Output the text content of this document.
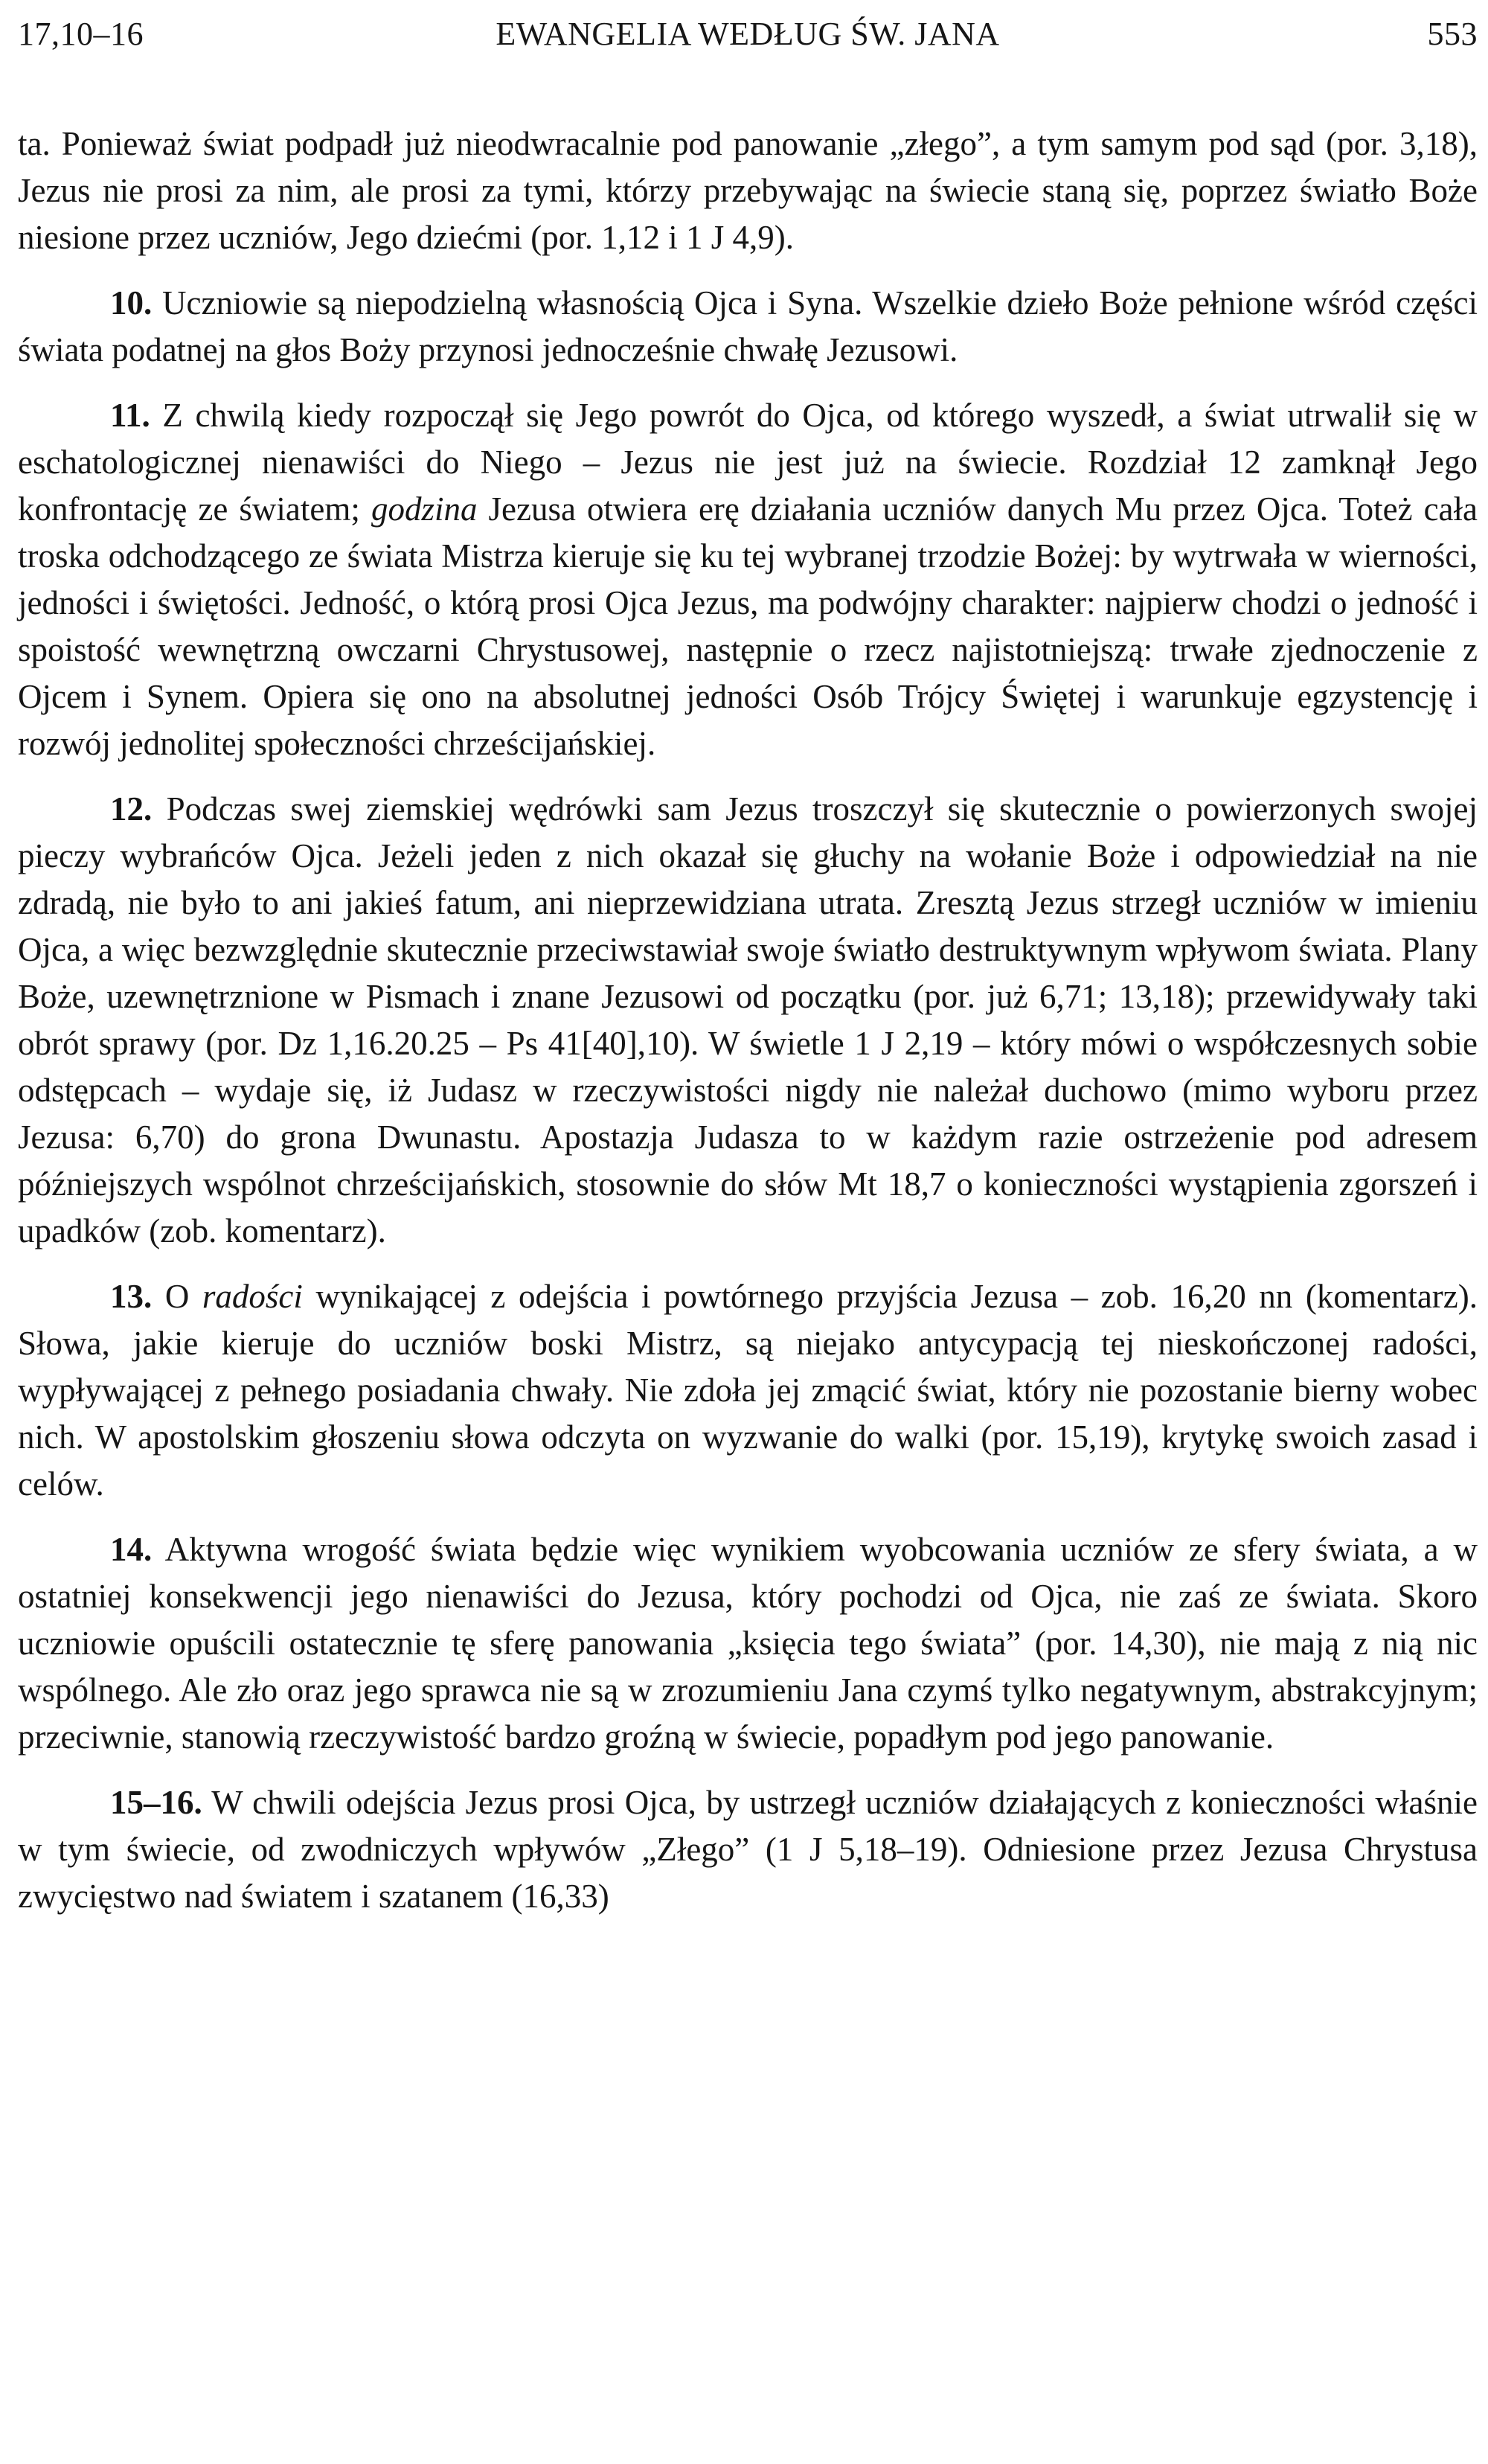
17,10–16	EWANGELIA WEDŁUG ŚW. JANA	553

ta. Ponieważ świat podpadł już nieodwracalnie pod panowanie „złego”, a tym samym pod sąd (por. 3,18), Jezus nie prosi za nim, ale prosi za tymi, którzy przebywając na świecie staną się, poprzez światło Boże niesione przez uczniów, Jego dziećmi (por. 1,12 i 1 J 4,9).

10. Uczniowie są niepodzielną własnością Ojca i Syna. Wszelkie dzieło Boże pełnione wśród części świata podatnej na głos Boży przynosi jednocześnie chwałę Jezusowi.

11. Z chwilą kiedy rozpoczął się Jego powrót do Ojca, od którego wyszedł, a świat utrwalił się w eschatologicznej nienawiści do Niego – Jezus nie jest już na świecie. Rozdział 12 zamknął Jego konfrontację ze światem; godzina Jezusa otwiera erę działania uczniów danych Mu przez Ojca. Toteż cała troska odchodzącego ze świata Mistrza kieruje się ku tej wybranej trzodzie Bożej: by wytrwała w wierności, jedności i świętości. Jedność, o którą prosi Ojca Jezus, ma podwójny charakter: najpierw chodzi o jedność i spoistość wewnętrzną owczarni Chrystusowej, następnie o rzecz najistotniejszą: trwałe zjednoczenie z Ojcem i Synem. Opiera się ono na absolutnej jedności Osób Trójcy Świętej i warunkuje egzystencję i rozwój jednolitej społeczności chrześcijańskiej.

12. Podczas swej ziemskiej wędrówki sam Jezus troszczył się skutecznie o powierzonych swojej pieczy wybrańców Ojca. Jeżeli jeden z nich okazał się głuchy na wołanie Boże i odpowiedział na nie zdradą, nie było to ani jakieś fatum, ani nieprzewidziana utrata. Zresztą Jezus strzegł uczniów w imieniu Ojca, a więc bezwzględnie skutecznie przeciwstawiał swoje światło destruktywnym wpływom świata. Plany Boże, uzewnętrznione w Pismach i znane Jezusowi od początku (por. już 6,71; 13,18); przewidywały taki obrót sprawy (por. Dz 1,16.20.25 – Ps 41[40],10). W świetle 1 J 2,19 – który mówi o współczesnych sobie odstępcach – wydaje się, iż Judasz w rzeczywistości nigdy nie należał duchowo (mimo wyboru przez Jezusa: 6,70) do grona Dwunastu. Apostazja Judasza to w każdym razie ostrzeżenie pod adresem późniejszych wspólnot chrześcijańskich, stosownie do słów Mt 18,7 o konieczności wystąpienia zgorszeń i upadków (zob. komentarz).

13. O radości wynikającej z odejścia i powtórnego przyjścia Jezusa – zob. 16,20 nn (komentarz). Słowa, jakie kieruje do uczniów boski Mistrz, są niejako antycypacją tej nieskończonej radości, wypływającej z pełnego posiadania chwały. Nie zdoła jej zmącić świat, który nie pozostanie bierny wobec nich. W apostolskim głoszeniu słowa odczyta on wyzwanie do walki (por. 15,19), krytykę swoich zasad i celów.

14. Aktywna wrogość świata będzie więc wynikiem wyobcowania uczniów ze sfery świata, a w ostatniej konsekwencji jego nienawiści do Jezusa, który pochodzi od Ojca, nie zaś ze świata. Skoro uczniowie opuścili ostatecznie tę sferę panowania „księcia tego świata” (por. 14,30), nie mają z nią nic wspólnego. Ale zło oraz jego sprawca nie są w zrozumieniu Jana czymś tylko negatywnym, abstrakcyjnym; przeciwnie, stanowią rzeczywistość bardzo groźną w świecie, popadłym pod jego panowanie.

15–16. W chwili odejścia Jezus prosi Ojca, by ustrzegł uczniów działających z konieczności właśnie w tym świecie, od zwodniczych wpływów „Złego” (1 J 5,18–19). Odniesione przez Jezusa Chrystusa zwycięstwo nad światem i szatanem (16,33)
